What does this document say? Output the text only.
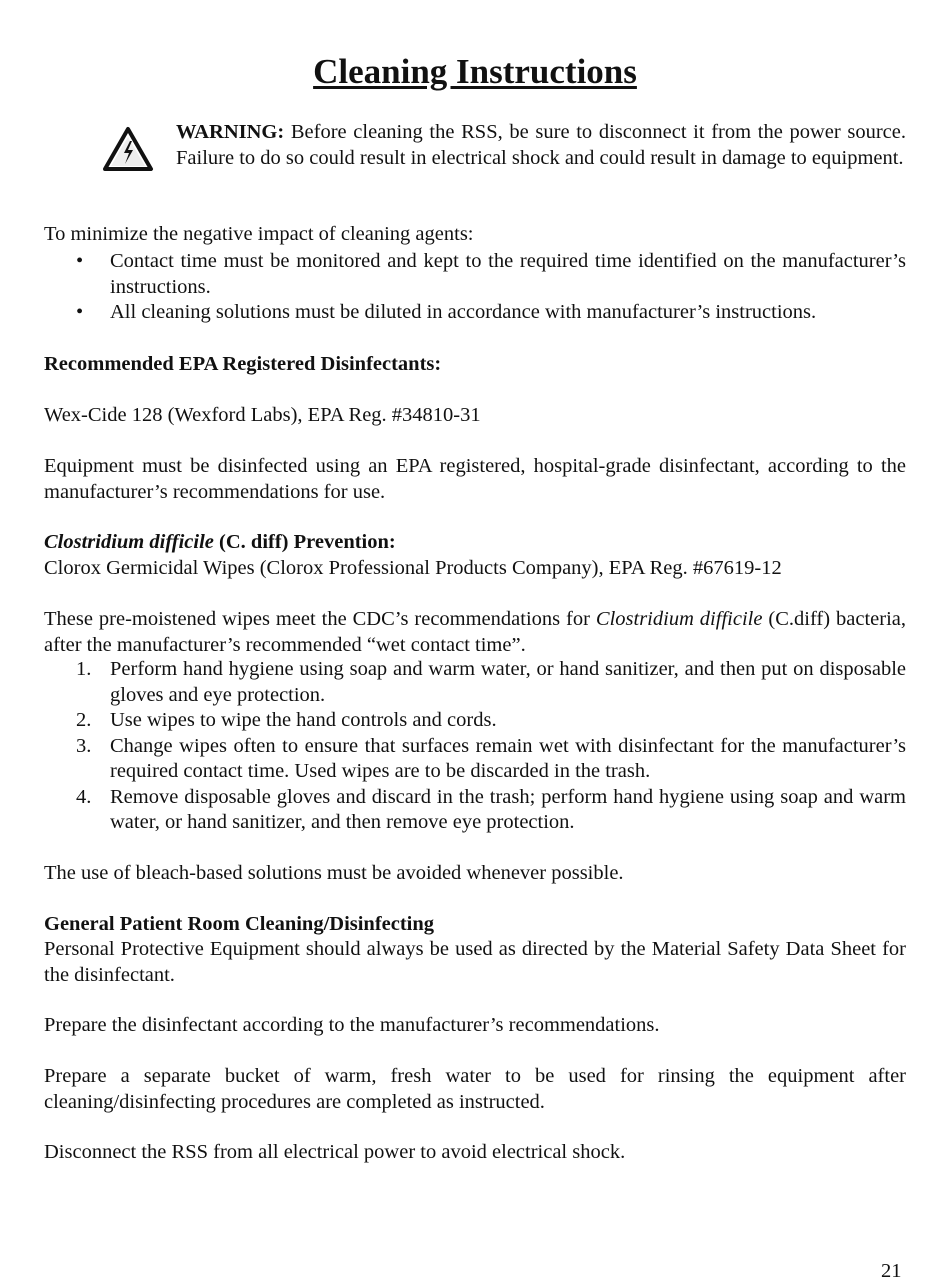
Cleaning Instructions
WARNING: Before cleaning the RSS, be sure to disconnect it from the power source. Failure to do so could result in electrical shock and could result in damage to equipment.
To minimize the negative impact of cleaning agents:
• Contact time must be monitored and kept to the required time identified on the manufacturer’s instructions.
• All cleaning solutions must be diluted in accordance with manufacturer’s instructions.
Recommended EPA Registered Disinfectants:
Wex-Cide 128 (Wexford Labs), EPA Reg. #34810-31
Equipment must be disinfected using an EPA registered, hospital-grade disinfectant, according to the manufacturer’s recommendations for use.
Clostridium difficile (C. diff) Prevention:
Clorox Germicidal Wipes (Clorox Professional Products Company), EPA Reg. #67619-12
These pre-moistened wipes meet the CDC’s recommendations for Clostridium difficile (C.diff) bacteria, after the manufacturer’s recommended “wet contact time”.
1. Perform hand hygiene using soap and warm water, or hand sanitizer, and then put on disposable gloves and eye protection.
2. Use wipes to wipe the hand controls and cords.
3. Change wipes often to ensure that surfaces remain wet with disinfectant for the manufacturer’s required contact time. Used wipes are to be discarded in the trash.
4. Remove disposable gloves and discard in the trash; perform hand hygiene using soap and warm water, or hand sanitizer, and then remove eye protection.
The use of bleach-based solutions must be avoided whenever possible.
General Patient Room Cleaning/Disinfecting
Personal Protective Equipment should always be used as directed by the Material Safety Data Sheet for the disinfectant.
Prepare the disinfectant according to the manufacturer’s recommendations.
Prepare a separate bucket of warm, fresh water to be used for rinsing the equipment after cleaning/disinfecting procedures are completed as instructed.
Disconnect the RSS from all electrical power to avoid electrical shock.
21
